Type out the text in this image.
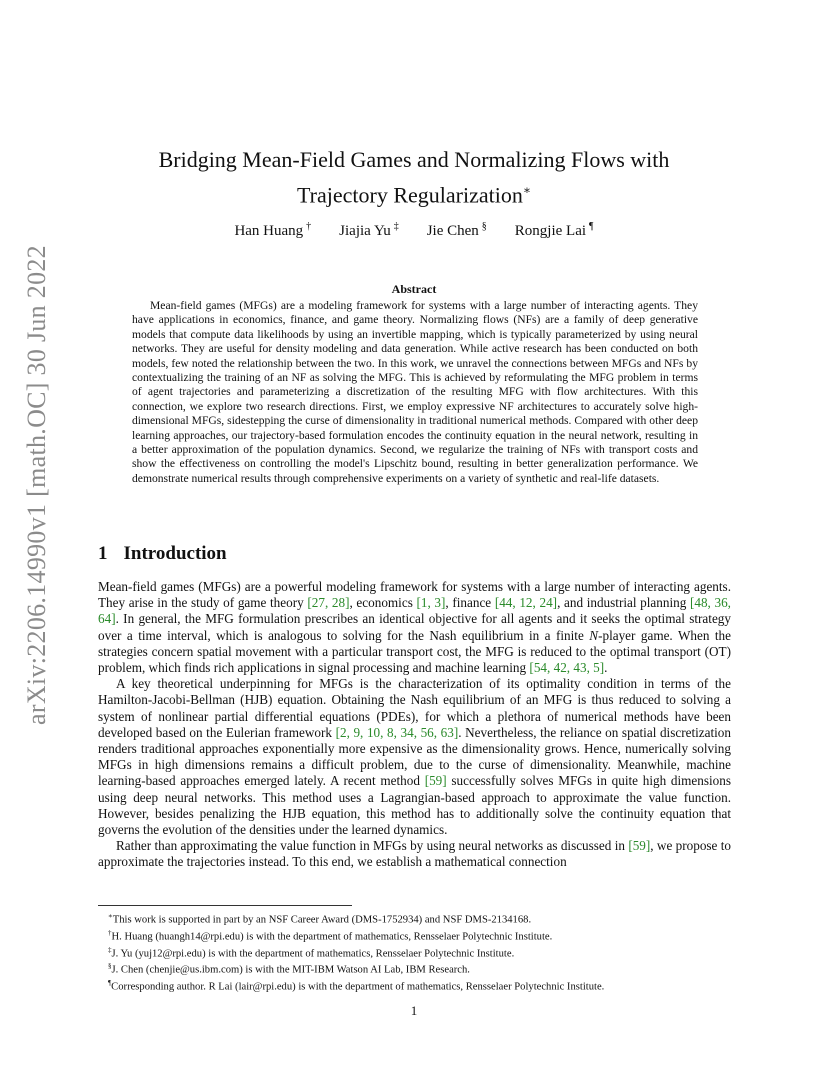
arXiv:2206.14990v1 [math.OC] 30 Jun 2022
Bridging Mean-Field Games and Normalizing Flows with
Trajectory Regularization∗
Han Huang † Jiajia Yu ‡ Jie Chen § Rongjie Lai ¶
Abstract
Mean-field games (MFGs) are a modeling framework for systems with a large number of interacting agents. They have applications in economics, finance, and game theory. Normalizing flows (NFs) are a family of deep generative models that compute data likelihoods by using an invertible mapping, which is typically parameterized by using neural networks. They are useful for density modeling and data generation. While active research has been conducted on both models, few noted the relationship between the two. In this work, we unravel the connections between MFGs and NFs by contextualizing the training of an NF as solving the MFG. This is achieved by reformulating the MFG problem in terms of agent trajectories and parameterizing a discretization of the resulting MFG with flow architectures. With this connection, we explore two research directions. First, we employ expressive NF architectures to accurately solve high-dimensional MFGs, sidestepping the curse of dimensionality in traditional numerical methods. Compared with other deep learning approaches, our trajectory-based formulation encodes the continuity equation in the neural network, resulting in a better approximation of the population dynamics. Second, we regularize the training of NFs with transport costs and show the effectiveness on controlling the model's Lipschitz bound, resulting in better generalization performance. We demonstrate numerical results through comprehensive experiments on a variety of synthetic and real-life datasets.
1 Introduction

Mean-field games (MFGs) are a powerful modeling framework for systems with a large number of interacting agents. They arise in the study of game theory [27, 28], economics [1, 3], finance [44, 12, 24], and industrial planning [48, 36, 64]. In general, the MFG formulation prescribes an identical objective for all agents and it seeks the optimal strategy over a time interval, which is analogous to solving for the Nash equilibrium in a finite N-player game. When the strategies concern spatial movement with a particular transport cost, the MFG is reduced to the optimal transport (OT) problem, which finds rich applications in signal processing and machine learning [54, 42, 43, 5].

A key theoretical underpinning for MFGs is the characterization of its optimality condition in terms of the Hamilton-Jacobi-Bellman (HJB) equation. Obtaining the Nash equilibrium of an MFG is thus reduced to solving a system of nonlinear partial differential equations (PDEs), for which a plethora of numerical methods have been developed based on the Eulerian framework [2, 9, 10, 8, 34, 56, 63]. Nevertheless, the reliance on spatial discretization renders traditional approaches exponentially more expensive as the dimensionality grows. Hence, numerically solving MFGs in high dimensions remains a difficult problem, due to the curse of dimensionality. Meanwhile, machine learning-based approaches emerged lately. A recent method [59] successfully solves MFGs in quite high dimensions using deep neural networks. This method uses a Lagrangian-based approach to approximate the value function. However, besides penalizing the HJB equation, this method has to additionally solve the continuity equation that governs the evolution of the densities under the learned dynamics.

Rather than approximating the value function in MFGs by using neural networks as discussed in [59], we propose to approximate the trajectories instead. To this end, we establish a mathematical connection

∗This work is supported in part by an NSF Career Award (DMS-1752934) and NSF DMS-2134168.
†H. Huang (huangh14@rpi.edu) is with the department of mathematics, Rensselaer Polytechnic Institute.
‡J. Yu (yuj12@rpi.edu) is with the department of mathematics, Rensselaer Polytechnic Institute.
§J. Chen (chenjie@us.ibm.com) is with the MIT-IBM Watson AI Lab, IBM Research.
¶Corresponding author. R Lai (lair@rpi.edu) is with the department of mathematics, Rensselaer Polytechnic Institute.
1
